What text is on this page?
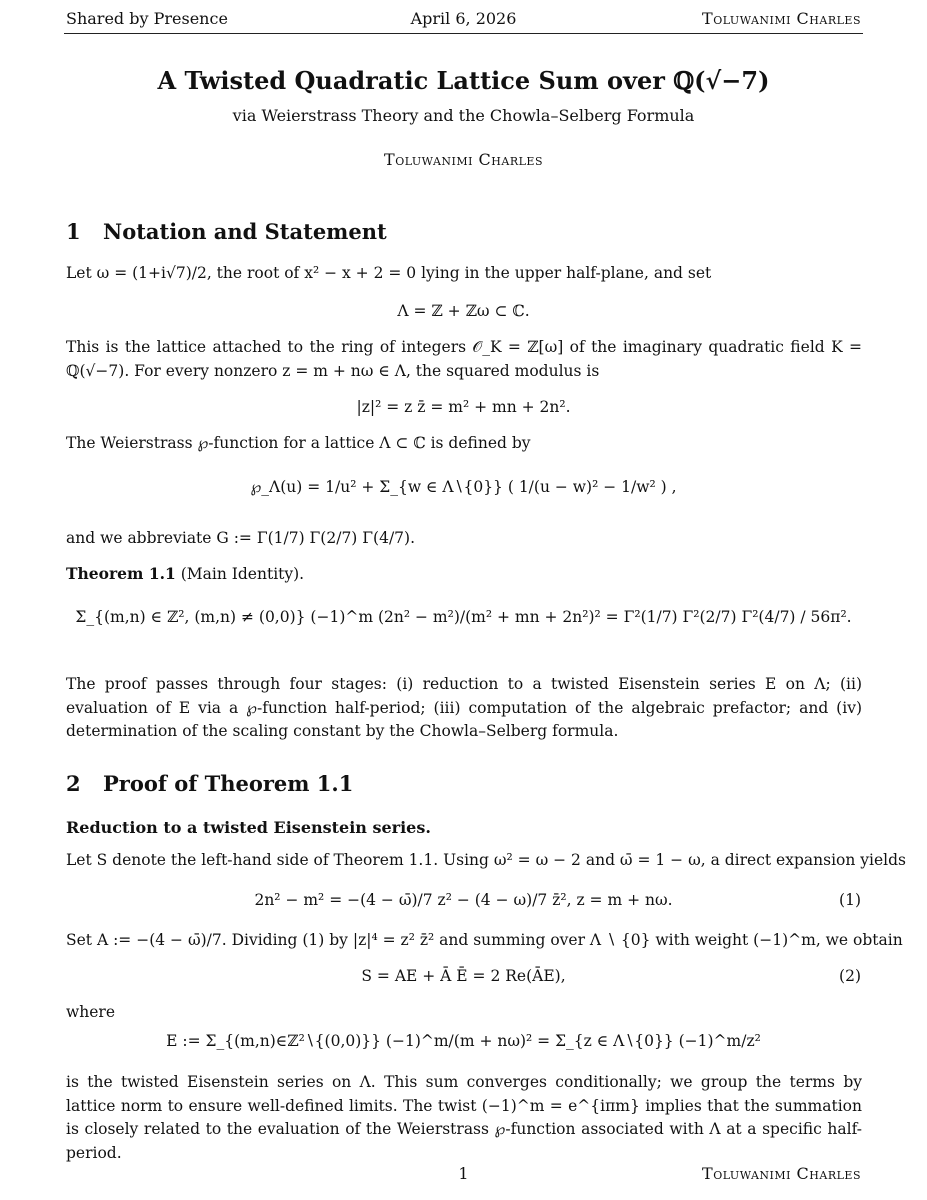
Shared by Presence	April 6, 2026	Toluwanimi Charles
A Twisted Quadratic Lattice Sum over ℚ(√−7)
via Weierstrass Theory and the Chowla–Selberg Formula
Toluwanimi Charles
1 Notation and Statement
Let ω = (1+i√7)/2, the root of x² − x + 2 = 0 lying in the upper half-plane, and set
Λ = ℤ + ℤω ⊂ ℂ.
This is the lattice attached to the ring of integers 𝒪_K = ℤ[ω] of the imaginary quadratic field K = ℚ(√−7). For every nonzero z = m + nω ∈ Λ, the squared modulus is
|z|² = z z̄ = m² + mn + 2n².
The Weierstrass ℘-function for a lattice Λ ⊂ ℂ is defined by
℘_Λ(u) = 1/u² + Σ_{w ∈ Λ∖{0}} ( 1/(u − w)² − 1/w² ) ,
and we abbreviate G := Γ(1/7) Γ(2/7) Γ(4/7).
Theorem 1.1 (Main Identity).
Σ_{(m,n) ∈ ℤ², (m,n) ≠ (0,0)} (−1)^m (2n² − m²)/(m² + mn + 2n²)² = Γ²(1/7) Γ²(2/7) Γ²(4/7) / 56π².
The proof passes through four stages: (i) reduction to a twisted Eisenstein series E on Λ; (ii) evaluation of E via a ℘-function half-period; (iii) computation of the algebraic prefactor; and (iv) determination of the scaling constant by the Chowla–Selberg formula.
2 Proof of Theorem 1.1
Reduction to a twisted Eisenstein series.
Let S denote the left-hand side of Theorem 1.1. Using ω² = ω − 2 and ω̄ = 1 − ω, a direct expansion yields
2n² − m² = −(4 − ω̄)/7 z² − (4 − ω)/7 z̄², z = m + nω.	(1)
Set A := −(4 − ω̄)/7. Dividing (1) by |z|⁴ = z² z̄² and summing over Λ ∖ {0} with weight (−1)^m, we obtain
S = AE + Ā Ē = 2 Re(ĀE),	(2)
where
E := Σ_{(m,n)∈ℤ²∖{(0,0)}} (−1)^m/(m + nω)² = Σ_{z ∈ Λ∖{0}} (−1)^m/z²
is the twisted Eisenstein series on Λ. This sum converges conditionally; we group the terms by lattice norm to ensure well-defined limits. The twist (−1)^m = e^{iπm} implies that the summation is closely related to the evaluation of the Weierstrass ℘-function associated with Λ at a specific half-period.
1	Toluwanimi Charles
